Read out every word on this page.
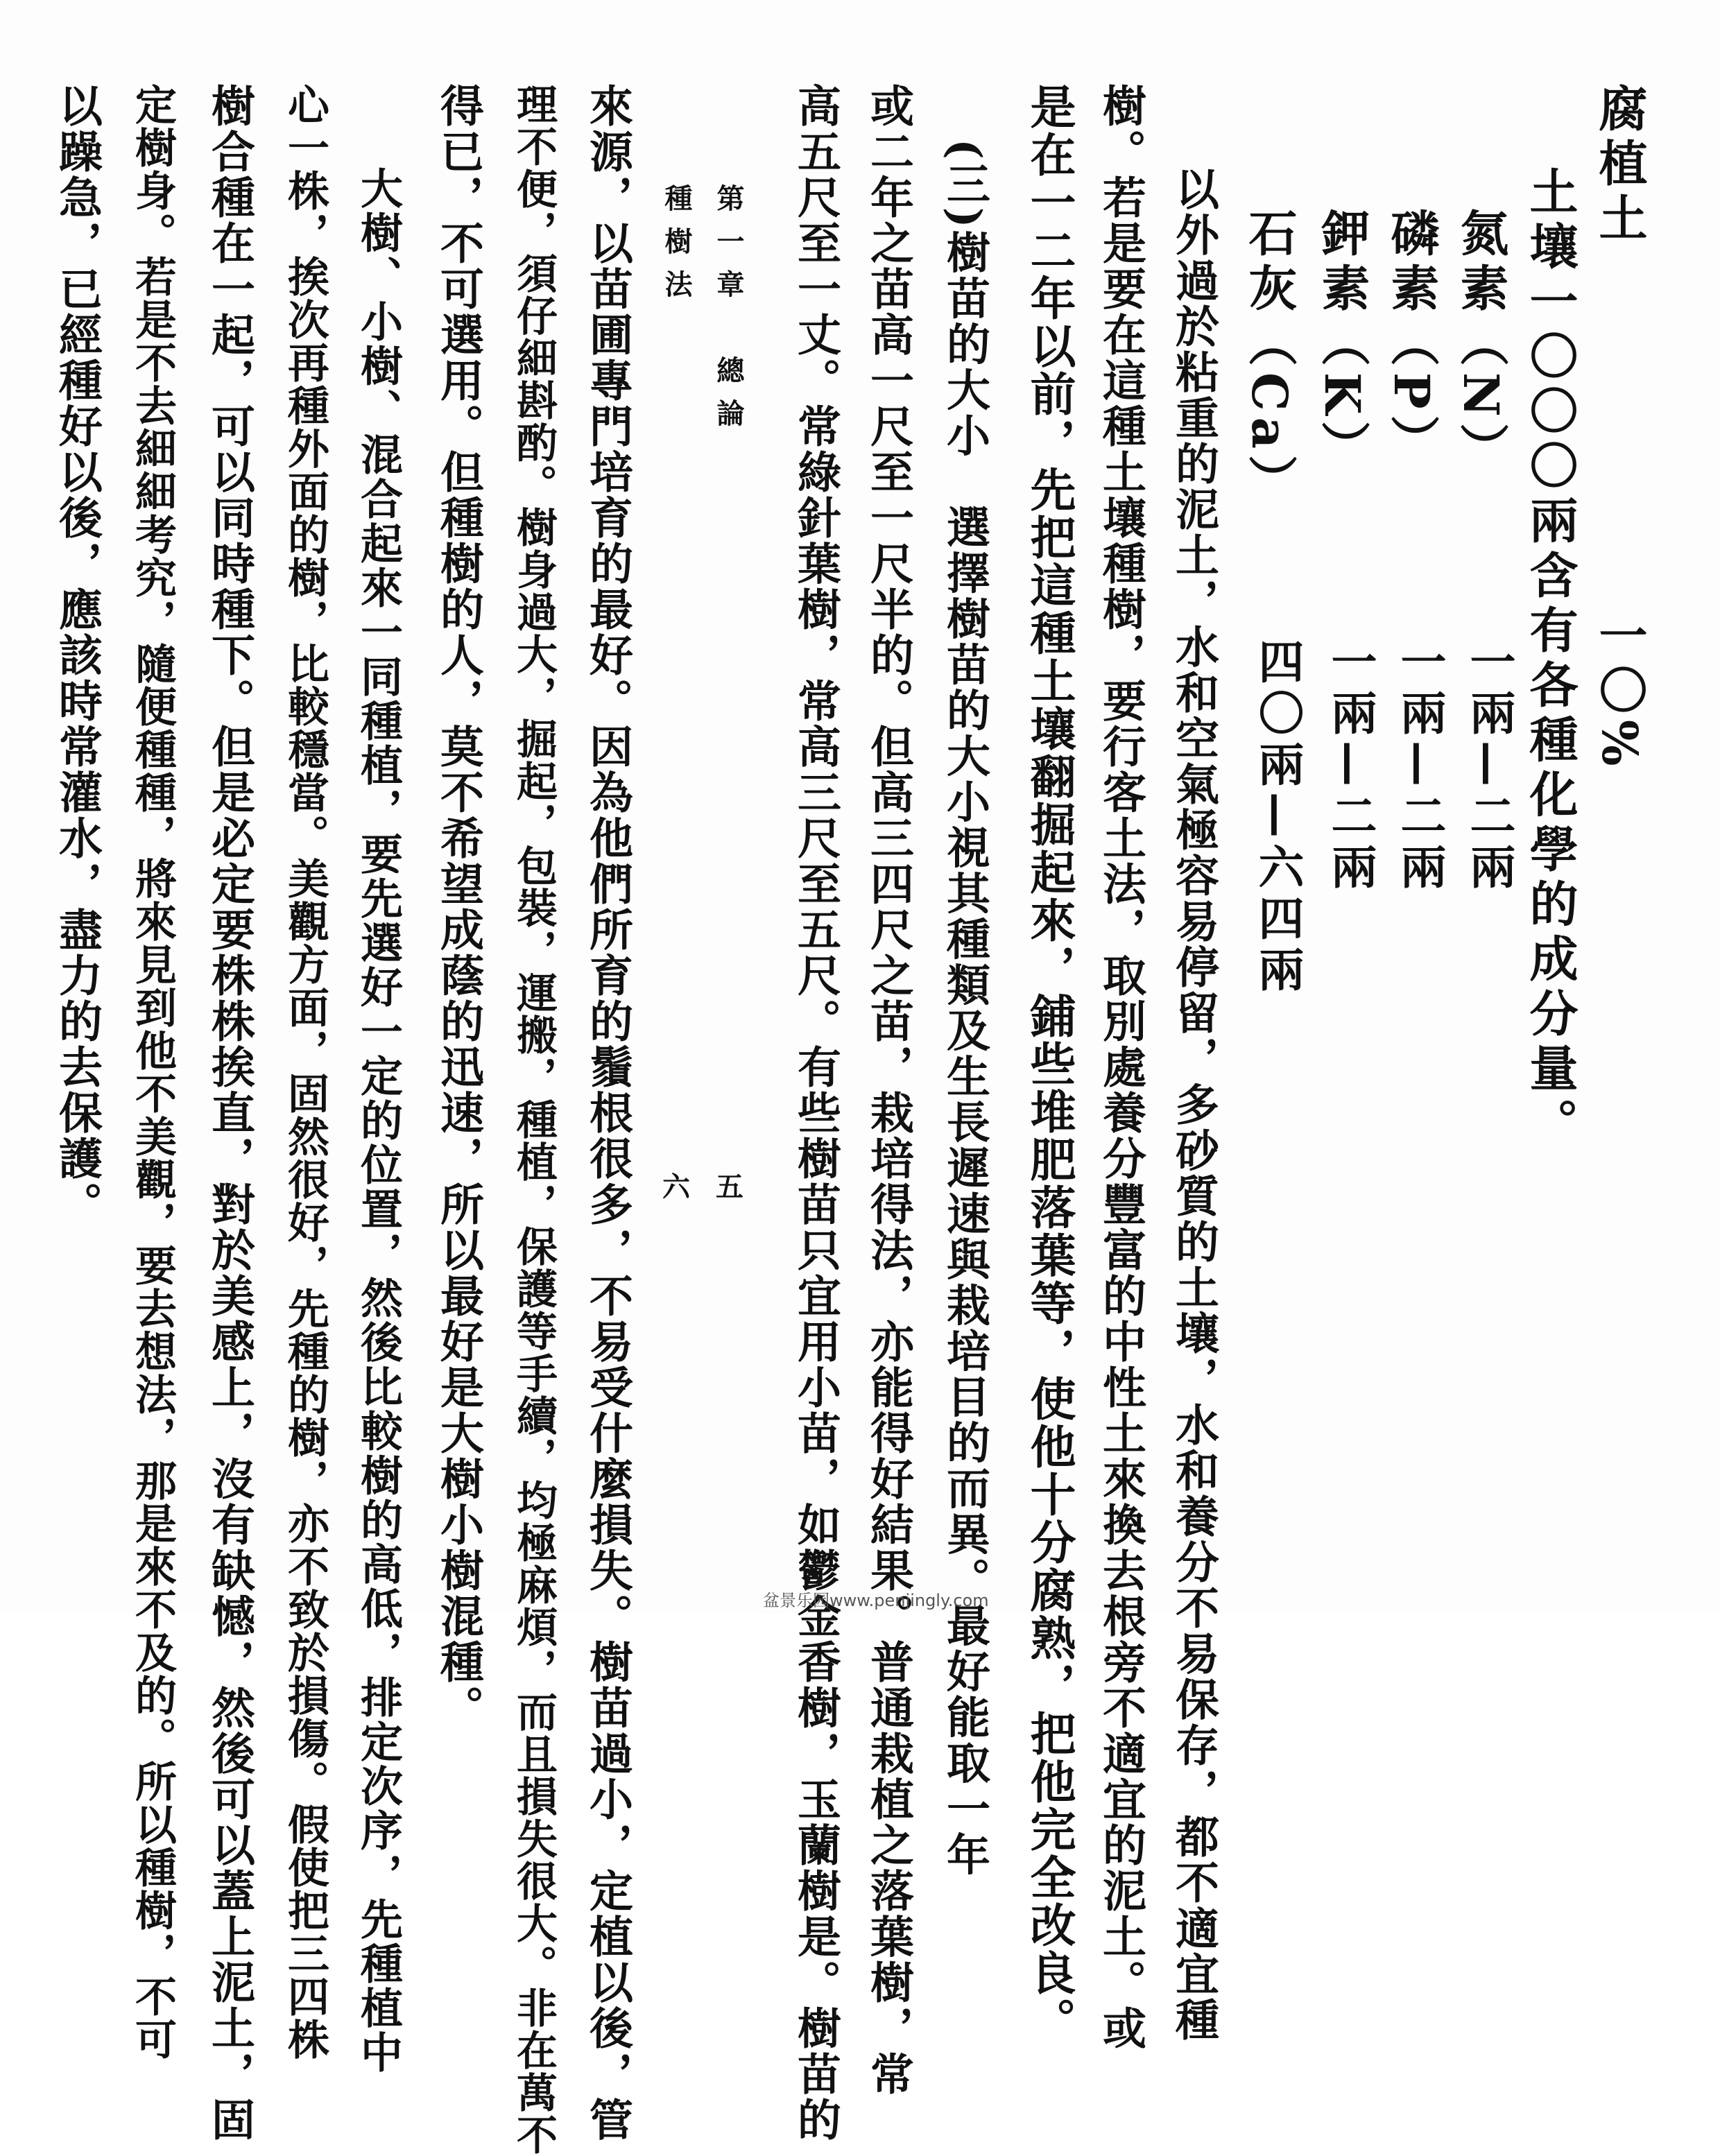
腐植土
一〇%
土壤一〇〇〇兩含有各種化學的成分量。
氮素（N）
一兩—二兩
磷素（P）
一兩—二兩
鉀素（K）
一兩—二兩
石灰（Ca）
四〇兩—六四兩
以外過於粘重的泥土，水和空氣極容易停留，多砂質的土壤，水和養分不易保存，都不適宜種
樹。若是要在這種土壤種樹，要行客土法，取別處養分豐富的中性土來換去根旁不適宜的泥土。或
是在一二年以前，先把這種土壤翻掘起來，鋪些堆肥落葉等，使他十分腐熟，把他完全改良。
(三)樹苗的大小　選擇樹苗的大小視其種類及生長遲速與栽培目的而異。最好能取一年
或二年之苗高一尺至一尺半的。但高三四尺之苗，栽培得法，亦能得好結果。普通栽植之落葉樹，常
高五尺至一丈。常綠針葉樹，常高三尺至五尺。有些樹苗只宜用小苗，如鬱金香樹，玉蘭樹是。樹苗的
第一章　總論
種樹法
五
六
來源，以苗圃專門培育的最好。因為他們所育的鬚根很多，不易受什麼損失。樹苗過小，定植以後，管
理不便，須仔細斟酌。樹身過大，掘起，包裝，運搬，種植，保護等手續，均極麻煩，而且損失很大。非在萬不
得已，不可選用。但種樹的人，莫不希望成蔭的迅速，所以最好是大樹小樹混種。
大樹、小樹、混合起來一同種植，要先選好一定的位置，然後比較樹的高低，排定次序，先種植中
心一株，挨次再種外面的樹，比較穩當。美觀方面，固然很好，先種的樹，亦不致於損傷。假使把三四株
樹合種在一起，可以同時種下。但是必定要株株挨直，對於美感上，沒有缺憾，然後可以蓋上泥土，固
定樹身。若是不去細細考究，隨便種種，將來見到他不美觀，要去想法，那是來不及的。所以種樹，不可
以躁急，已經種好以後，應該時常灌水，盡力的去保護。
盆景乐园www.penjingly.com
